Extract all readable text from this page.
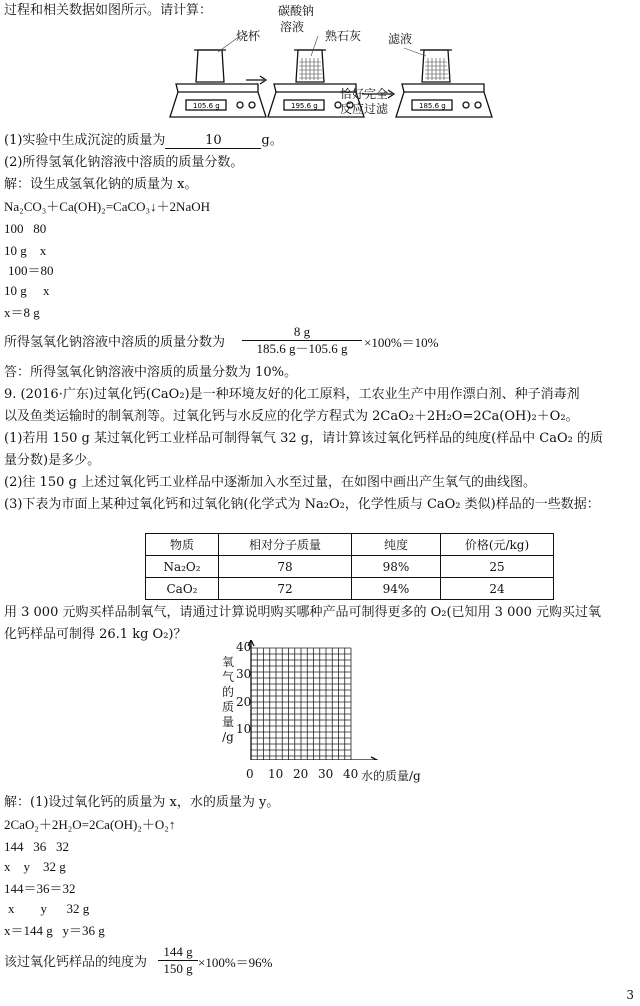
过程和相关数据如图所示。请计算：
105.6 g	195.6 g	185.6 g
烧杯
碳酸钠
溶液
熟石灰 滤液
恰好完全
反应过滤
(1)实验中生成沉淀的质量为	10	g。
(2)所得氢氧化钠溶液中溶质的质量分数。
解：设生成氢氧化钠的质量为 x。
Na₂CO₃＋Ca(OH)₂=CaCO₃↓＋2NaOH
100   80
10 g    x
100＝80
10 g     x
x＝8 g
所得氢氧化钠溶液中溶质的质量分数为 $\frac{8 g}{185.6 g-105.6 g} \times 100\%=10\%$
答：所得氢氧化钠溶液中溶质的质量分数为 10%。
9. (2016·广东)过氧化钙(CaO₂)是一种环境友好的化工原料，工农业生产中用作漂白剂、种子消毒剂
以及鱼类运输时的制氧剂等。过氧化钙与水反应的化学方程式为 2CaO₂＋2H₂O=2Ca(OH)₂＋O₂。
(1)若用 150 g 某过氧化钙工业样品可制得氧气 32 g，请计算该过氧化钙样品的纯度(样品中 CaO₂ 的质
量分数)是多少。
(2)往 150 g 上述过氧化钙工业样品中逐渐加入水至过量，在如图中画出产生氧气的曲线图。
(3)下表为市面上某种过氧化钙和过氧化钠(化学式为 Na₂O₂，化学性质与 CaO₂ 类似)样品的一些数据：
物质	相对分子质量	纯度	价格(元/kg)
Na₂O₂	78	98%	25
CaO₂	72	94%	24
用 3 000 元购买样品制氧气，请通过计算说明购买哪种产品可制得更多的 O₂(已知用 3 000 元购买过氧
化钙样品可制得 26.1 kg O₂)？
氧
气
的
质
量
/g
40
30
20
10
0 10 20 30 40 水的质量/g
解：(1)设过氧化钙的质量为 x，水的质量为 y。
2CaO₂＋2H₂O=2Ca(OH)₂＋O₂↑
144   36   32
x    y    32 g
144＝36＝32
x        y      32 g
x＝144 g   y＝36 g
该过氧化钙样品的纯度为 $\frac{144 g}{150 g} \times 100\%=96\%$
3
